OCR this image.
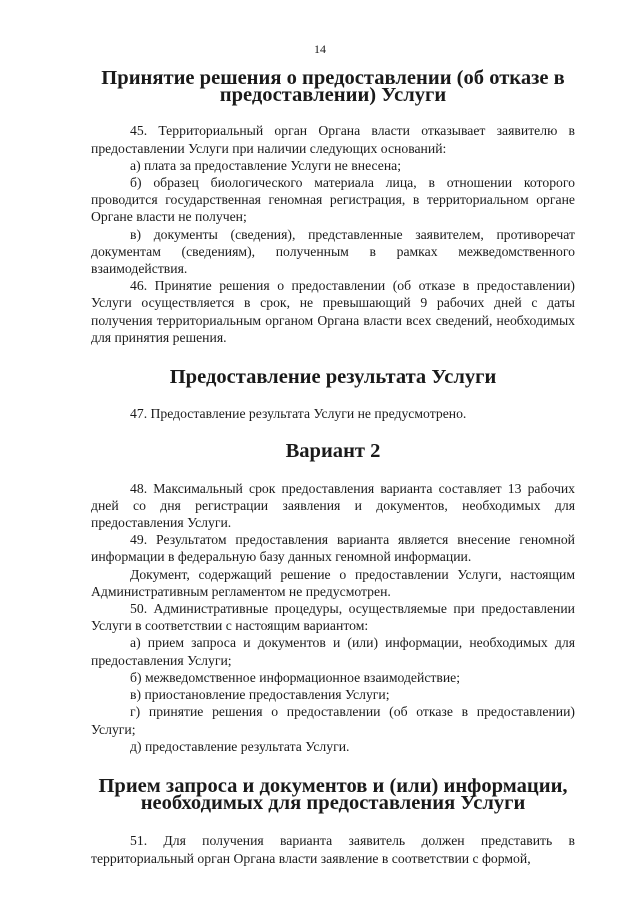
14
Принятие решения о предоставлении (об отказе в предоставлении) Услуги

45. Территориальный орган Органа власти отказывает заявителю в предоставлении Услуги при наличии следующих оснований:

а) плата за предоставление Услуги не внесена;

б) образец биологического материала лица, в отношении которого проводится государственная геномная регистрация, в территориальном органе Органе власти не получен;

в) документы (сведения), представленные заявителем, противоречат документам (сведениям), полученным в рамках межведомственного взаимодействия.

46. Принятие решения о предоставлении (об отказе в предоставлении) Услуги осуществляется в срок, не превышающий 9 рабочих дней с даты получения территориальным органом Органа власти всех сведений, необходимых для принятия решения.

Предоставление результата Услуги

47. Предоставление результата Услуги не предусмотрено.

Вариант 2

48. Максимальный срок предоставления варианта составляет 13 рабочих дней со дня регистрации заявления и документов, необходимых для предоставления Услуги.

49. Результатом предоставления варианта является внесение геномной информации в федеральную базу данных геномной информации.

Документ, содержащий решение о предоставлении Услуги, настоящим Административным регламентом не предусмотрен.

50. Административные процедуры, осуществляемые при предоставлении Услуги в соответствии с настоящим вариантом:

а) прием запроса и документов и (или) информации, необходимых для предоставления Услуги;

б) межведомственное информационное взаимодействие;

в) приостановление предоставления Услуги;

г) принятие решения о предоставлении (об отказе в предоставлении) Услуги;

д) предоставление результата Услуги.

Прием запроса и документов и (или) информации, необходимых для предоставления Услуги

51. Для получения варианта заявитель должен представить в территориальный орган Органа власти заявление в соответствии с формой,
